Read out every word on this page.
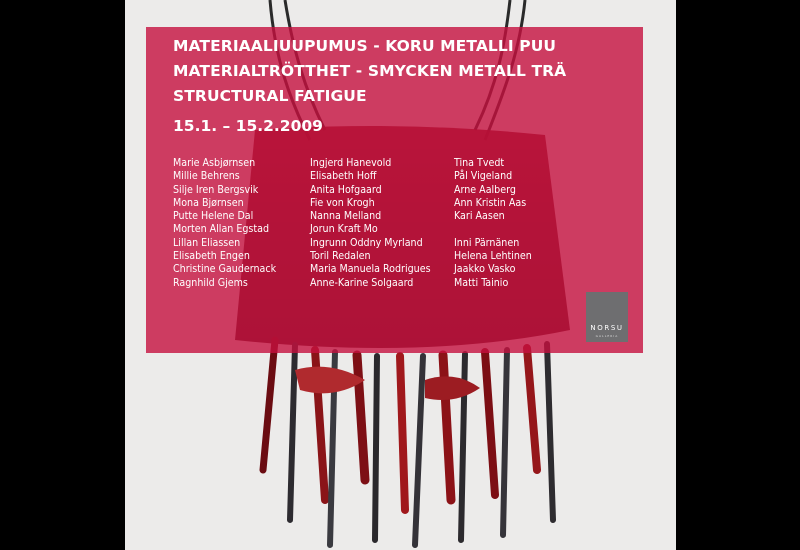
MATERIAALIUUPUMUS - KORU METALLI PUU
MATERIALTRÖTTHET - SMYCKEN METALL TRÄ
STRUCTURAL FATIGUE
15.1. – 15.2.2009
Marie Asbjørnsen
Millie Behrens
Silje Iren Bergsvik
Mona Bjørnsen
Putte Helene Dal
Morten Allan Egstad
Lillan Eliassen
Elisabeth Engen
Christine Gaudernack
Ragnhild Gjems
Ingjerd Hanevold
Elisabeth Hoff
Anita Hofgaard
Fie von Krogh
Nanna Melland
Jorun Kraft Mo
Ingrunn Oddny Myrland
Toril Redalen
Maria Manuela Rodrigues
Anne-Karine Solgaard
Tina Tvedt
Pål Vigeland
Arne Aalberg
Ann Kristin Aas
Kari Aasen
Inni Pärnänen
Helena Lehtinen
Jaakko Vasko
Matti Tainio
NORSU
GALLERIA
